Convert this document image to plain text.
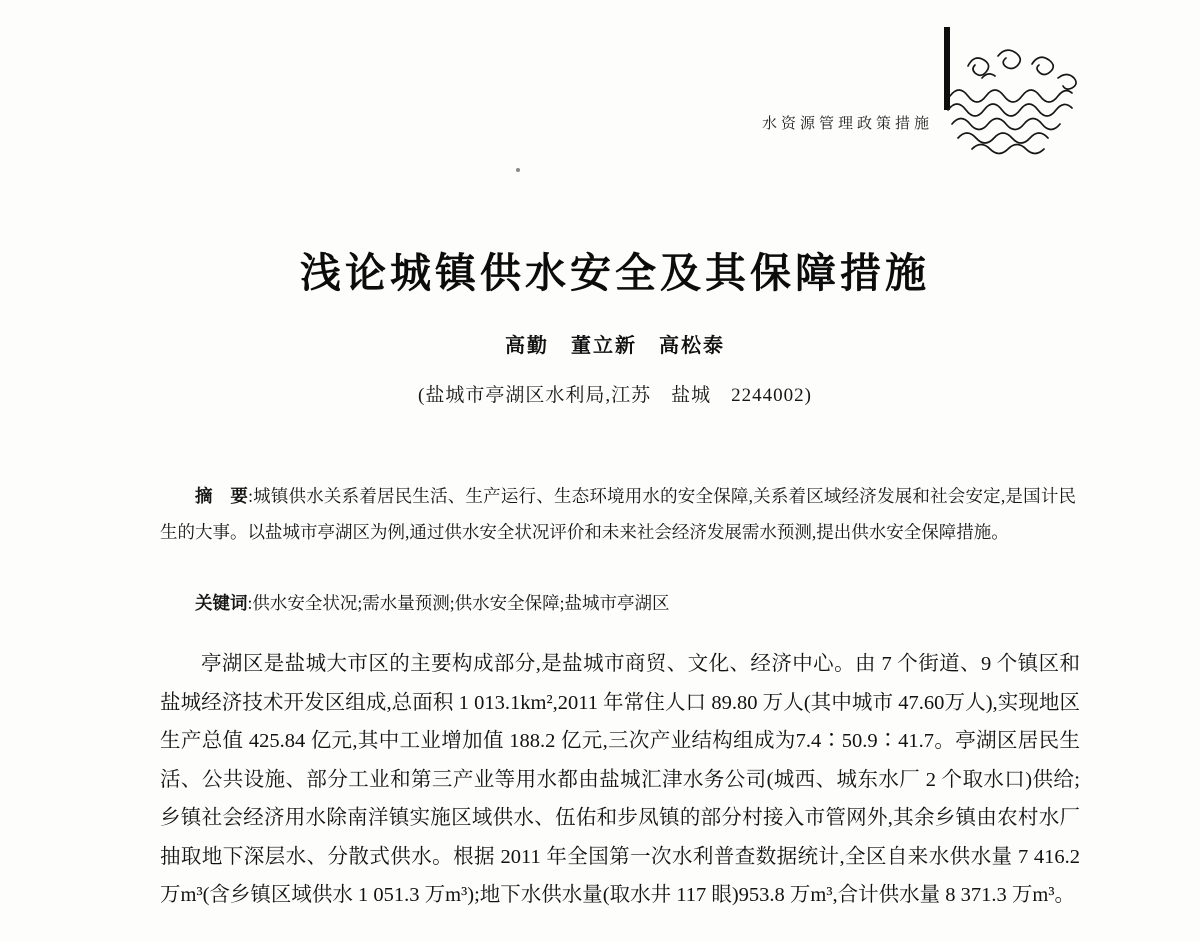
水资源管理政策措施
浅论城镇供水安全及其保障措施
高勤　董立新　高松泰
(盐城市亭湖区水利局,江苏　盐城　2244002)

摘　要:城镇供水关系着居民生活、生产运行、生态环境用水的安全保障,关系着区域经济发展和社会安定,是国计民生的大事。以盐城市亭湖区为例,通过供水安全状况评价和未来社会经济发展需水预测,提出供水安全保障措施。

关键词:供水安全状况;需水量预测;供水安全保障;盐城市亭湖区

亭湖区是盐城大市区的主要构成部分,是盐城市商贸、文化、经济中心。由 7 个街道、9 个镇区和盐城经济技术开发区组成,总面积 1 013.1km²,2011 年常住人口 89.80 万人(其中城市 47.60万人),实现地区生产总值 425.84 亿元,其中工业增加值 188.2 亿元,三次产业结构组成为7.4∶50.9∶41.7。亭湖区居民生活、公共设施、部分工业和第三产业等用水都由盐城汇津水务公司(城西、城东水厂 2 个取水口)供给;乡镇社会经济用水除南洋镇实施区域供水、伍佑和步凤镇的部分村接入市管网外,其余乡镇由农村水厂抽取地下深层水、分散式供水。根据 2011 年全国第一次水利普查数据统计,全区自来水供水量 7 416.2 万m³(含乡镇区域供水 1 051.3 万m³);地下水供水量(取水井 117 眼)953.8 万m³,合计供水量 8 371.3 万m³。
